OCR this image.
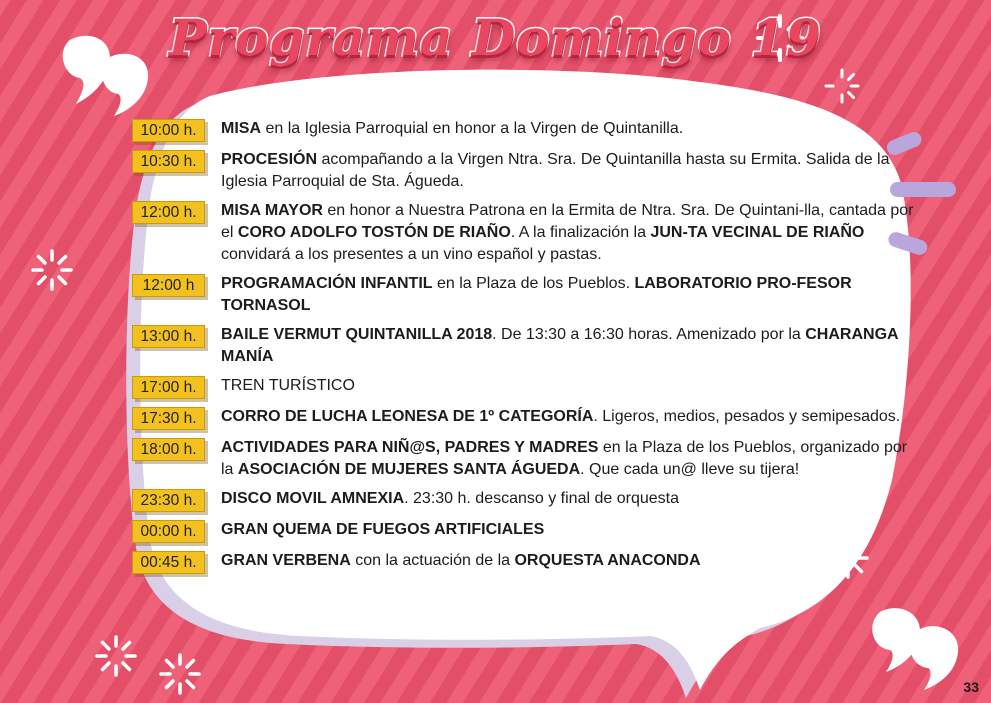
Programa Domingo 19
10:00 h.	MISA en la Iglesia Parroquial en honor a la Virgen de Quintanilla.
10:30 h.	PROCESIÓN acompañando a la Virgen Ntra. Sra. De Quintanilla hasta su Ermita. Salida de la Iglesia Parroquial de Sta. Águeda.
12:00 h.	MISA MAYOR en honor a Nuestra Patrona en la Ermita de Ntra. Sra. De Quintani-lla, cantada por el CORO ADOLFO TOSTÓN DE RIAÑO. A la finalización la JUN-TA VECINAL DE RIAÑO convidará a los presentes a un vino español y pastas.
12:00 h	PROGRAMACIÓN INFANTIL en la Plaza de los Pueblos. LABORATORIO PRO-FESOR TORNASOL
13:00 h.	BAILE VERMUT QUINTANILLA 2018. De 13:30 a 16:30 horas. Amenizado por la CHARANGA MANÍA
17:00 h.	TREN TURÍSTICO
17:30 h.	CORRO DE LUCHA LEONESA DE 1º CATEGORÍA. Ligeros, medios, pesados y semipesados.
18:00 h.	ACTIVIDADES PARA NIÑ@S, PADRES Y MADRES en la Plaza de los Pueblos, organizado por la ASOCIACIÓN DE MUJERES SANTA ÁGUEDA. Que cada un@ lleve su tijera!
23:30 h.	DISCO MOVIL AMNEXIA. 23:30 h. descanso y final de orquesta
00:00 h.	GRAN QUEMA DE FUEGOS ARTIFICIALES
00:45 h.	GRAN VERBENA con la actuación de la ORQUESTA ANACONDA
33
